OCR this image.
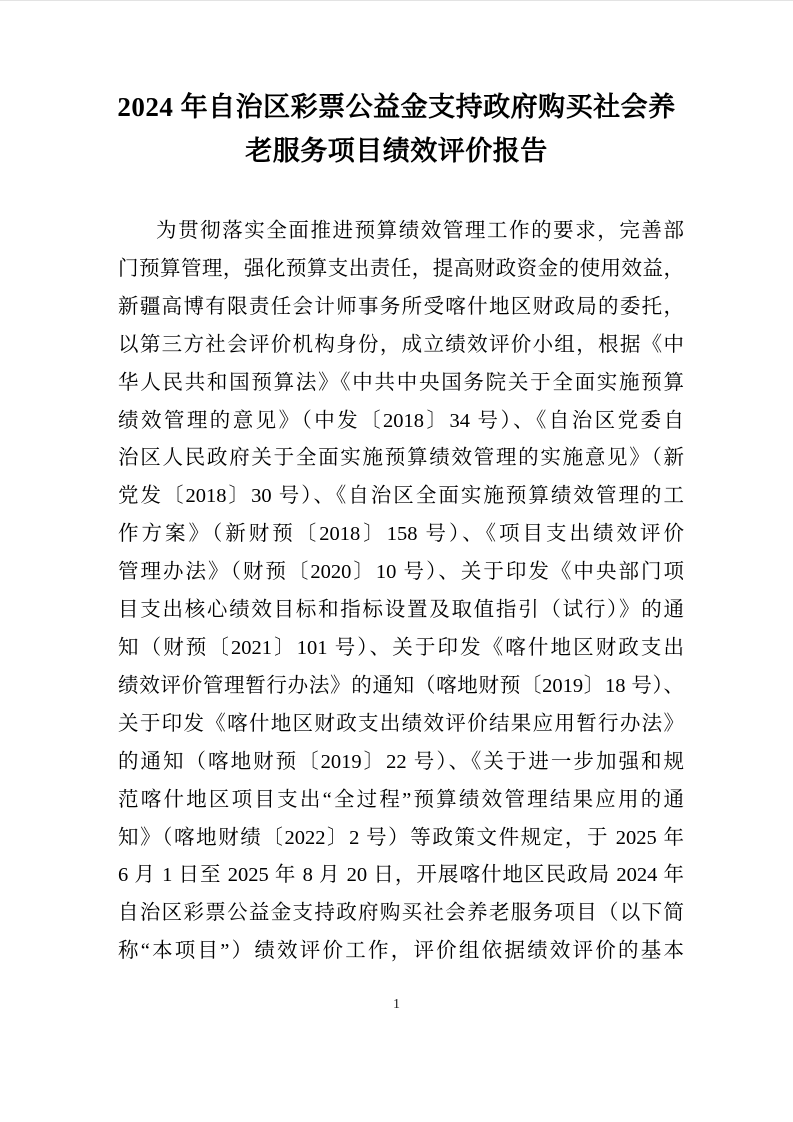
2024 年自治区彩票公益金支持政府购买社会养
老服务项目绩效评价报告
为贯彻落实全面推进预算绩效管理工作的要求，完善部
门预算管理，强化预算支出责任，提高财政资金的使用效益，
新疆高博有限责任会计师事务所受喀什地区财政局的委托，
以第三方社会评价机构身份，成立绩效评价小组，根据《中
华人民共和国预算法》《中共中央国务院关于全面实施预算
绩效管理的意见》（中发〔2018〕34 号）、《自治区党委自
治区人民政府关于全面实施预算绩效管理的实施意见》（新
党发〔2018〕30 号）、《自治区全面实施预算绩效管理的工
作方案》（新财预〔2018〕158 号）、《项目支出绩效评价
管理办法》（财预〔2020〕10 号）、关于印发《中央部门项
目支出核心绩效目标和指标设置及取值指引（试行）》的通
知（财预〔2021〕101 号）、关于印发《喀什地区财政支出
绩效评价管理暂行办法》的通知（喀地财预〔2019〕18 号）、
关于印发《喀什地区财政支出绩效评价结果应用暂行办法》
的通知（喀地财预〔2019〕22 号）、《关于进一步加强和规
范喀什地区项目支出“全过程”预算绩效管理结果应用的通
知》（喀地财绩〔2022〕2 号）等政策文件规定，于 2025 年
6 月 1 日至 2025 年 8 月 20 日，开展喀什地区民政局 2024 年
自治区彩票公益金支持政府购买社会养老服务项目（以下简
称“本项目”）绩效评价工作，评价组依据绩效评价的基本
1
